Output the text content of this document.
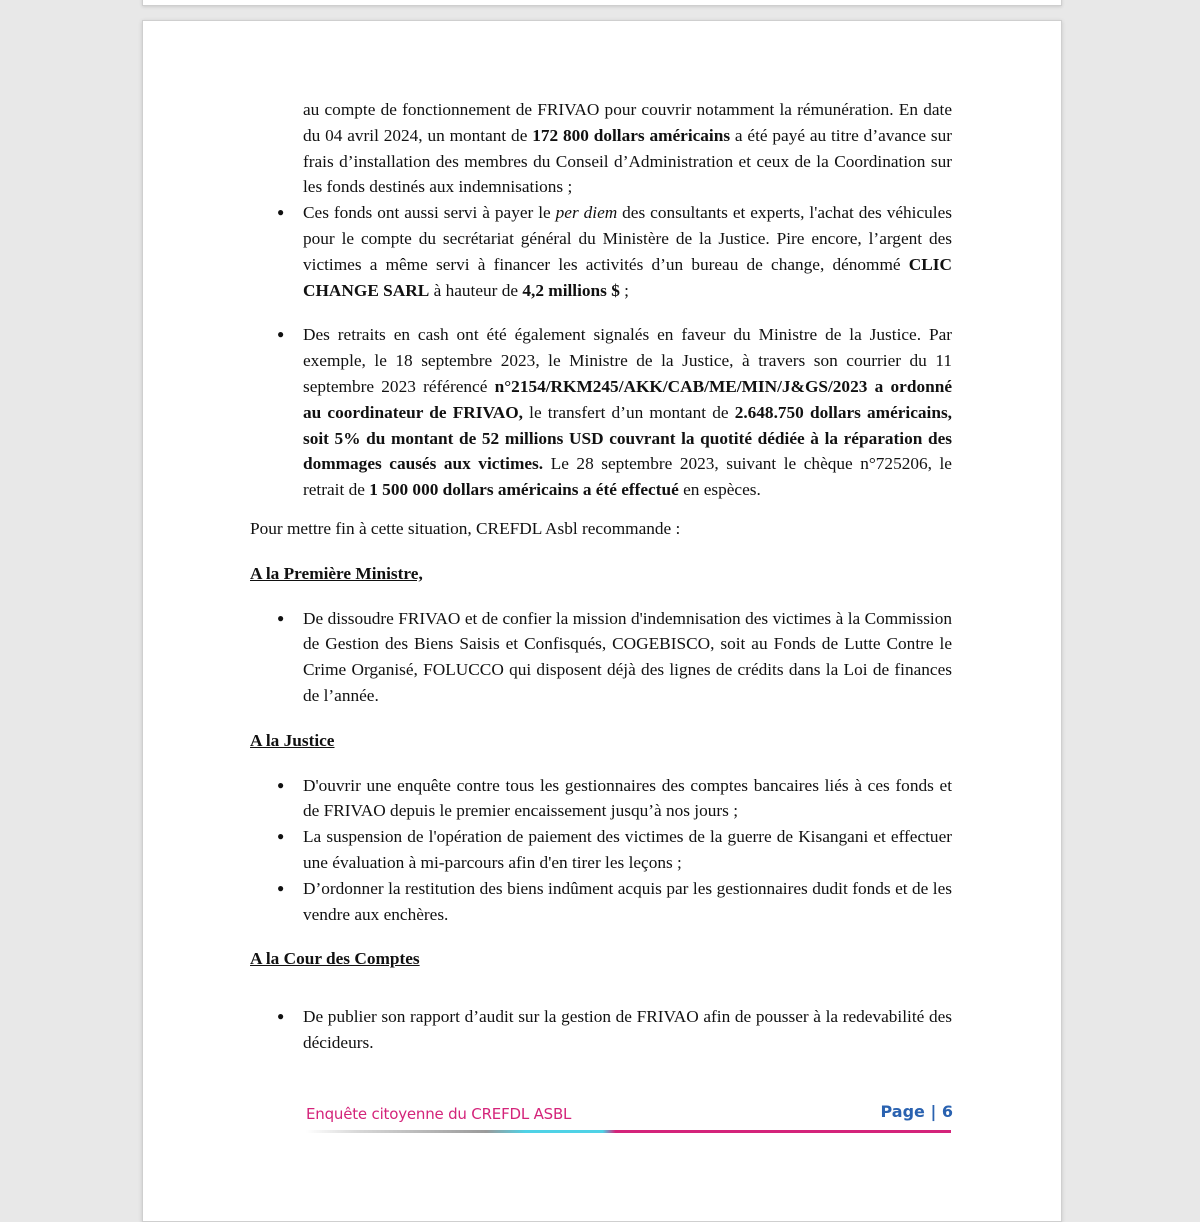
au compte de fonctionnement de FRIVAO pour couvrir notamment la rémunération. En date du 04 avril 2024, un montant de 172 800 dollars américains a été payé au titre d’avance sur frais d’installation des membres du Conseil d’Administration et ceux de la Coordination sur les fonds destinés aux indemnisations ;

● Ces fonds ont aussi servi à payer le per diem des consultants et experts, l'achat des véhicules pour le compte du secrétariat général du Ministère de la Justice. Pire encore, l’argent des victimes a même servi à financer les activités d’un bureau de change, dénommé CLIC CHANGE SARL à hauteur de 4,2 millions $ ;
● Des retraits en cash ont été également signalés en faveur du Ministre de la Justice. Par exemple, le 18 septembre 2023, le Ministre de la Justice, à travers son courrier du 11 septembre 2023 référencé n°2154/RKM245/AKK/CAB/ME/MIN/J&GS/2023 a ordonné au coordinateur de FRIVAO, le transfert d’un montant de 2.648.750 dollars américains, soit 5% du montant de 52 millions USD couvrant la quotité dédiée à la réparation des dommages causés aux victimes. Le 28 septembre 2023, suivant le chèque n°725206, le retrait de 1 500 000 dollars américains a été effectué en espèces.

Pour mettre fin à cette situation, CREFDL Asbl recommande :

A la Première Ministre,

● De dissoudre FRIVAO et de confier la mission d'indemnisation des victimes à la Commission de Gestion des Biens Saisis et Confisqués, COGEBISCO, soit au Fonds de Lutte Contre le Crime Organisé, FOLUCCO qui disposent déjà des lignes de crédits dans la Loi de finances de l’année.

A la Justice

● D'ouvrir une enquête contre tous les gestionnaires des comptes bancaires liés à ces fonds et de FRIVAO depuis le premier encaissement jusqu’à nos jours ;
● La suspension de l'opération de paiement des victimes de la guerre de Kisangani et effectuer une évaluation à mi-parcours afin d'en tirer les leçons ;
● D’ordonner la restitution des biens indûment acquis par les gestionnaires dudit fonds et de les vendre aux enchères.

A la Cour des Comptes

● De publier son rapport d’audit sur la gestion de FRIVAO afin de pousser à la redevabilité des décideurs.
Enquête citoyenne du CREFDL ASBL	Page | 6
